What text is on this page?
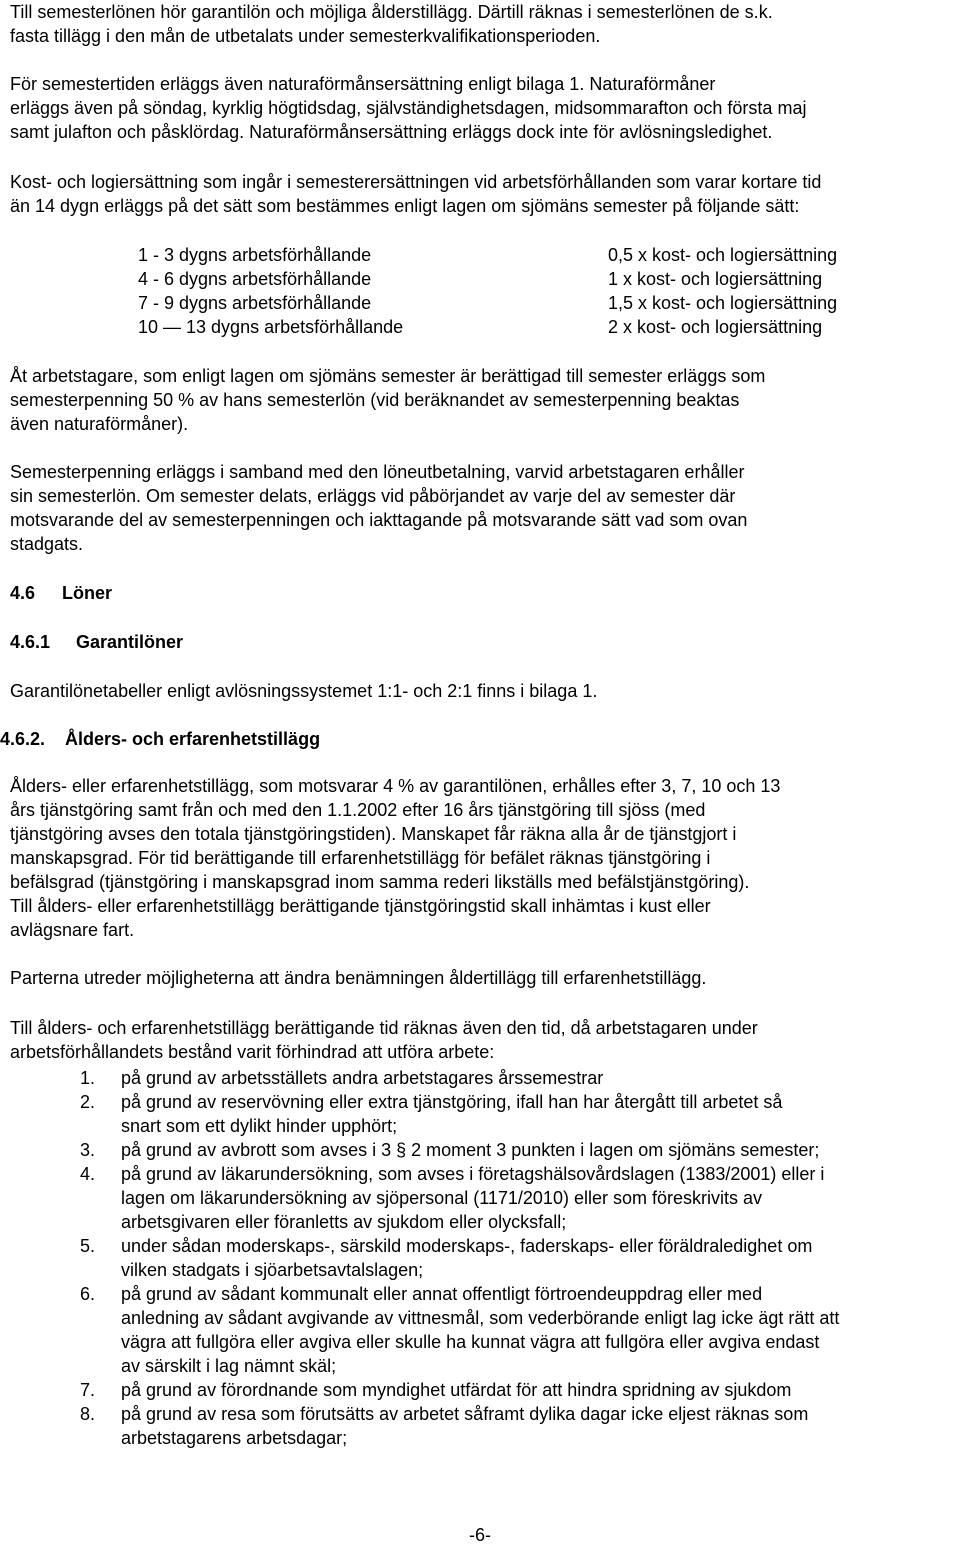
Till semesterlönen hör garantilön och möjliga ålderstillägg. Därtill räknas i semesterlönen de s.k.
fasta tillägg i den mån de utbetalats under semesterkvalifikationsperioden.
För semestertiden erläggs även naturaförmånsersättning enligt bilaga 1. Naturaförmåner
erläggs även på söndag, kyrklig högtidsdag, självständighetsdagen, midsommarafton och första maj
samt julafton och påsklördag. Naturaförmånsersättning erläggs dock inte för avlösningsledighet.
Kost- och logiersättning som ingår i semesterersättningen vid arbetsförhållanden som varar kortare tid
än 14 dygn erläggs på det sätt som bestämmes enligt lagen om sjömäns semester på följande sätt:
1 - 3 dygns arbetsförhållande	0,5 x kost- och logiersättning
4 - 6 dygns arbetsförhållande	1 x kost- och logiersättning
7 - 9 dygns arbetsförhållande	1,5 x kost- och logiersättning
10 — 13 dygns arbetsförhållande	2 x kost- och logiersättning
Åt arbetstagare, som enligt lagen om sjömäns semester är berättigad till semester erläggs som
semesterpenning 50 % av hans semesterlön (vid beräknandet av semesterpenning beaktas
även naturaförmåner).
Semesterpenning erläggs i samband med den löneutbetalning, varvid arbetstagaren erhåller
sin semesterlön. Om semester delats, erläggs vid påbörjandet av varje del av semester där
motsvarande del av semesterpenningen och iakttagande på motsvarande sätt vad som ovan
stadgats.
4.6 Löner
4.6.1 Garantilöner
Garantilönetabeller enligt avlösningssystemet 1:1- och 2:1 finns i bilaga 1.
4.6.2. Ålders- och erfarenhetstillägg
Ålders- eller erfarenhetstillägg, som motsvarar 4 % av garantilönen, erhålles efter 3, 7, 10 och 13
års tjänstgöring samt från och med den 1.1.2002 efter 16 års tjänstgöring till sjöss (med
tjänstgöring avses den totala tjänstgöringstiden). Manskapet får räkna alla år de tjänstgjort i
manskapsgrad. För tid berättigande till erfarenhetstillägg för befälet räknas tjänstgöring i
befälsgrad (tjänstgöring i manskapsgrad inom samma rederi likställs med befälstjänstgöring).
Till ålders- eller erfarenhetstillägg berättigande tjänstgöringstid skall inhämtas i kust eller
avlägsnare fart.
Parterna utreder möjligheterna att ändra benämningen åldertillägg till erfarenhetstillägg.
Till ålders- och erfarenhetstillägg berättigande tid räknas även den tid, då arbetstagaren under
arbetsförhållandets bestånd varit förhindrad att utföra arbete:
1. på grund av arbetsställets andra arbetstagares årssemestrar
2. på grund av reservövning eller extra tjänstgöring, ifall han har återgått till arbetet så
snart som ett dylikt hinder upphört;
3. på grund av avbrott som avses i 3 § 2 moment 3 punkten i lagen om sjömäns semester;
4. på grund av läkarundersökning, som avses i företagshälsovårdslagen (1383/2001) eller i
lagen om läkarundersökning av sjöpersonal (1171/2010) eller som föreskrivits av
arbetsgivaren eller föranletts av sjukdom eller olycksfall;
5. under sådan moderskaps-, särskild moderskaps-, faderskaps- eller föräldraledighet om
vilken stadgats i sjöarbetsavtalslagen;
6. på grund av sådant kommunalt eller annat offentligt förtroendeuppdrag eller med
anledning av sådant avgivande av vittnesmål, som vederbörande enligt lag icke ägt rätt att
vägra att fullgöra eller avgiva eller skulle ha kunnat vägra att fullgöra eller avgiva endast
av särskilt i lag nämnt skäl;
7. på grund av förordnande som myndighet utfärdat för att hindra spridning av sjukdom
8. på grund av resa som förutsätts av arbetet såframt dylika dagar icke eljest räknas som
arbetstagarens arbetsdagar;
-6-
